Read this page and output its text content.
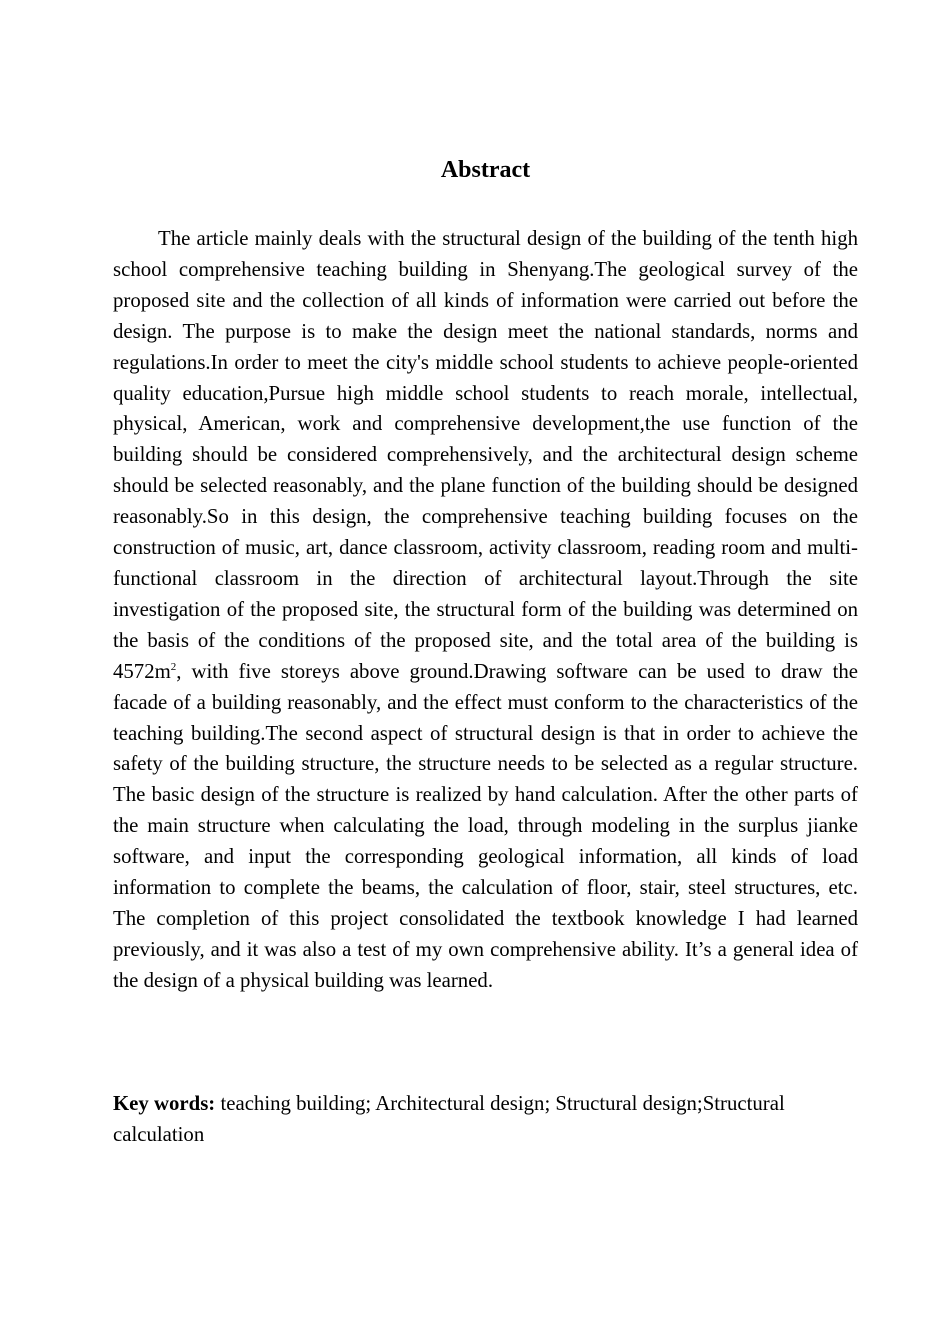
Abstract

The article mainly deals with the structural design of the building of the tenth high school comprehensive teaching building in Shenyang.The geological survey of the proposed site and the collection of all kinds of information were carried out before the design. The purpose is to make the design meet the national standards, norms and regulations.In order to meet the city's middle school students to achieve people-oriented quality education,Pursue high middle school students to reach morale, intellectual, physical, American, work and comprehensive development,the use function of the building should be considered comprehensively, and the architectural design scheme should be selected reasonably, and the plane function of the building should be designed reasonably.So in this design, the comprehensive teaching building focuses on the construction of music, art, dance classroom, activity classroom, reading room and multi-functional classroom in the direction of architectural layout.Through the site investigation of the proposed site, the structural form of the building was determined on the basis of the conditions of the proposed site, and the total area of the building is $4572m^2$, with five storeys above ground.Drawing software can be used to draw the facade of a building reasonably, and the effect must conform to the characteristics of the teaching building.The second aspect of structural design is that in order to achieve the safety of the building structure, the structure needs to be selected as a regular structure. The basic design of the structure is realized by hand calculation. After the other parts of the main structure when calculating the load, through modeling in the surplus jianke software, and input the corresponding geological information, all kinds of load information to complete the beams, the calculation of floor, stair, steel structures, etc. The completion of this project consolidated the textbook knowledge I had learned previously, and it was also a test of my own comprehensive ability. It’s a general idea of the design of a physical building was learned.

Key words: teaching building; Architectural design; Structural design;Structural calculation
